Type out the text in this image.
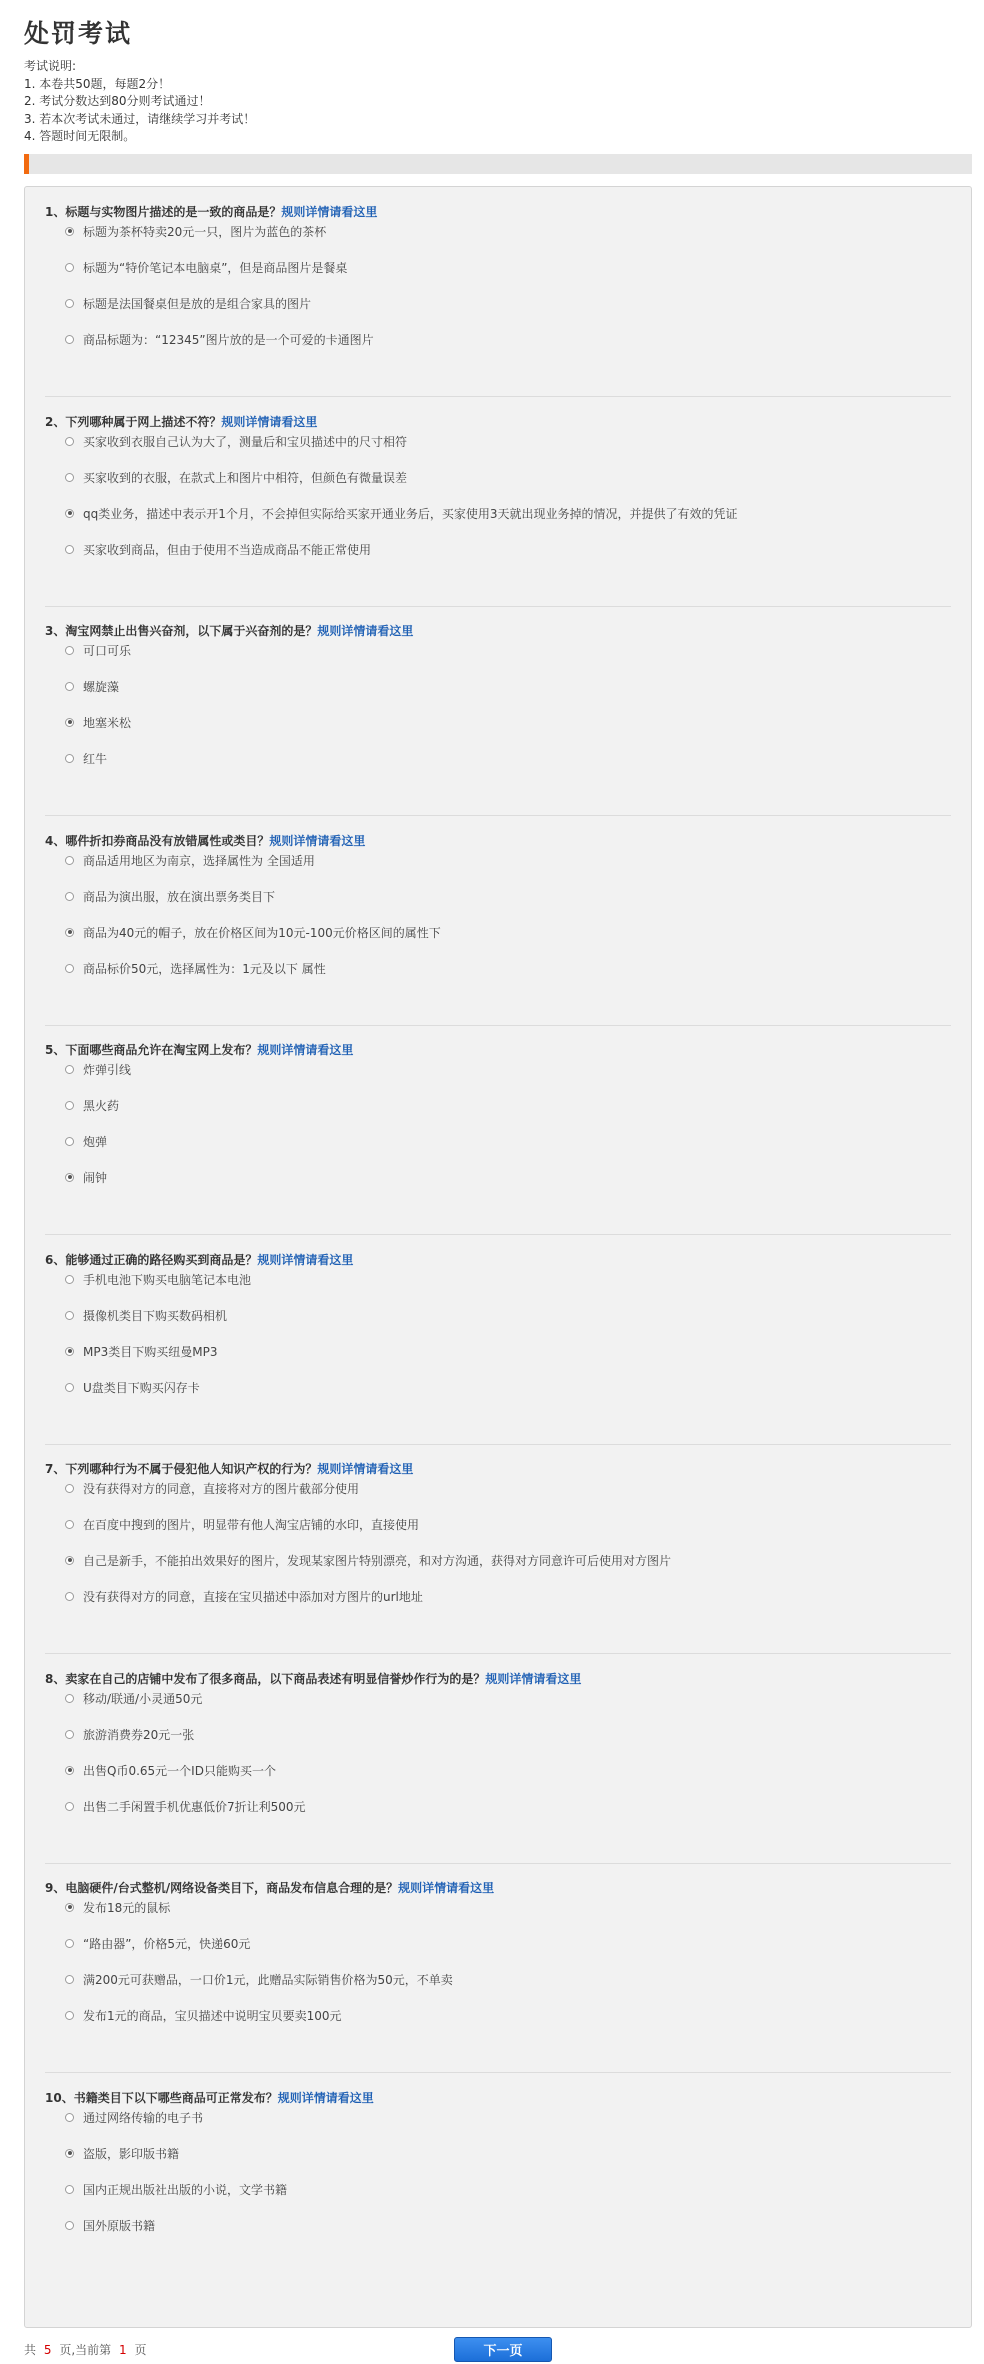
处罚考试
考试说明:
1. 本卷共50题，每题2分！
2. 考试分数达到80分则考试通过！
3. 若本次考试未通过，请继续学习并考试！
4. 答题时间无限制。
1、标题与实物图片描述的是一致的商品是？规则详情请看这里
标题为茶杯特卖20元一只，图片为蓝色的茶杯
标题为“特价笔记本电脑桌”，但是商品图片是餐桌
标题是法国餐桌但是放的是组合家具的图片
商品标题为：“12345”图片放的是一个可爱的卡通图片
2、下列哪种属于网上描述不符？规则详情请看这里
买家收到衣服自己认为大了，测量后和宝贝描述中的尺寸相符
买家收到的衣服，在款式上和图片中相符，但颜色有微量误差
qq类业务，描述中表示开1个月，不会掉但实际给买家开通业务后，买家使用3天就出现业务掉的情况，并提供了有效的凭证
买家收到商品，但由于使用不当造成商品不能正常使用
3、淘宝网禁止出售兴奋剂，以下属于兴奋剂的是？规则详情请看这里
可口可乐
螺旋藻
地塞米松
红牛
4、哪件折扣券商品没有放错属性或类目？规则详情请看这里
商品适用地区为南京，选择属性为 全国适用
商品为演出服，放在演出票务类目下
商品为40元的帽子，放在价格区间为10元-100元价格区间的属性下
商品标价50元，选择属性为：1元及以下 属性
5、下面哪些商品允许在淘宝网上发布？规则详情请看这里
炸弹引线
黑火药
炮弹
闹钟
6、能够通过正确的路径购买到商品是？规则详情请看这里
手机电池下购买电脑笔记本电池
摄像机类目下购买数码相机
MP3类目下购买纽曼MP3
U盘类目下购买闪存卡
7、下列哪种行为不属于侵犯他人知识产权的行为？规则详情请看这里
没有获得对方的同意，直接将对方的图片截部分使用
在百度中搜到的图片，明显带有他人淘宝店铺的水印，直接使用
自己是新手，不能拍出效果好的图片，发现某家图片特别漂亮，和对方沟通，获得对方同意许可后使用对方图片
没有获得对方的同意，直接在宝贝描述中添加对方图片的url地址
8、卖家在自己的店铺中发布了很多商品，以下商品表述有明显信誉炒作行为的是？规则详情请看这里
移动/联通/小灵通50元
旅游消费券20元一张
出售Q币0.65元一个ID只能购买一个
出售二手闲置手机优惠低价7折让利500元
9、电脑硬件/台式整机/网络设备类目下，商品发布信息合理的是？规则详情请看这里
发布18元的鼠标
“路由器”，价格5元，快递60元
满200元可获赠品，一口价1元，此赠品实际销售价格为50元，不单卖
发布1元的商品，宝贝描述中说明宝贝要卖100元
10、书籍类目下以下哪些商品可正常发布？规则详情请看这里
通过网络传输的电子书
盗版，影印版书籍
国内正规出版社出版的小说，文学书籍
国外原版书籍
共 5 页,当前第 1 页	下一页
